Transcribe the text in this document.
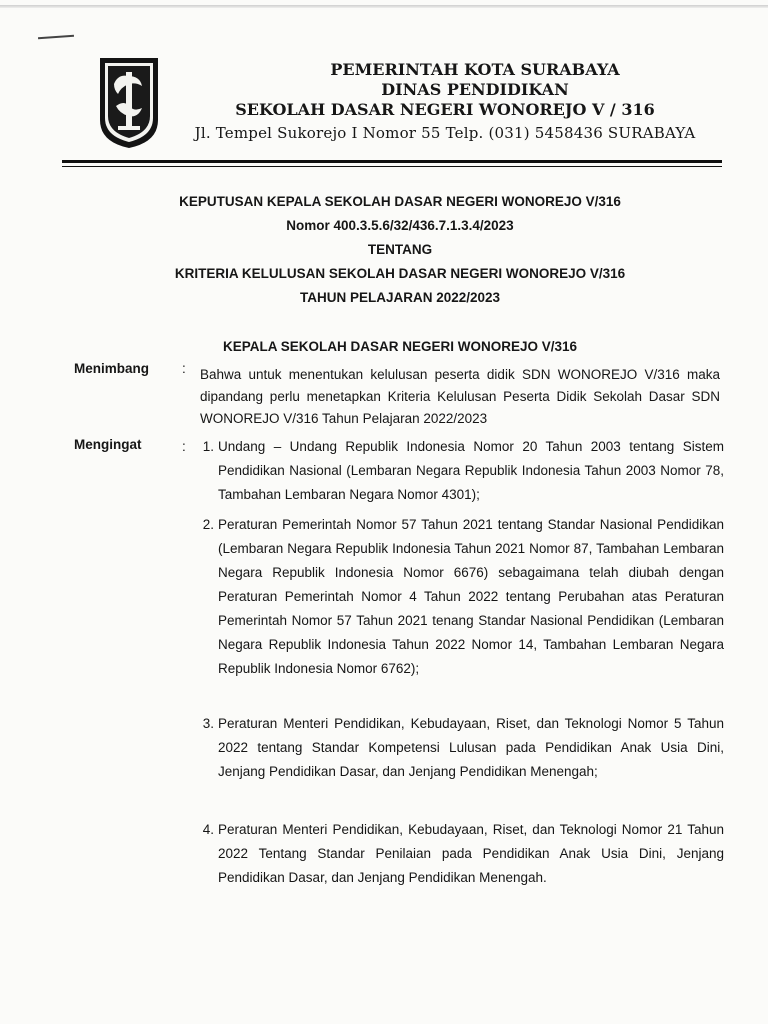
PEMERINTAH KOTA SURABAYA
DINAS PENDIDIKAN
SEKOLAH DASAR NEGERI WONOREJO V / 316
Jl. Tempel Sukorejo I Nomor 55 Telp. (031) 5458436 SURABAYA
KEPUTUSAN KEPALA SEKOLAH DASAR NEGERI WONOREJO V/316
Nomor 400.3.5.6/32/436.7.1.3.4/2023
TENTANG
KRITERIA KELULUSAN SEKOLAH DASAR NEGERI WONOREJO V/316
TAHUN PELAJARAN 2022/2023
KEPALA SEKOLAH DASAR NEGERI WONOREJO V/316
Menimbang : Bahwa untuk menentukan kelulusan peserta didik SDN WONOREJO V/316 maka dipandang perlu menetapkan Kriteria Kelulusan Peserta Didik Sekolah Dasar SDN WONOREJO V/316 Tahun Pelajaran 2022/2023
Mengingat	:	1. Undang – Undang Republik Indonesia Nomor 20 Tahun 2003 tentang Sistem Pendidikan Nasional (Lembaran Negara Republik Indonesia Tahun 2003 Nomor 78, Tambahan Lembaran Negara Nomor 4301);
2. Peraturan Pemerintah Nomor 57 Tahun 2021 tentang Standar Nasional Pendidikan (Lembaran Negara Republik Indonesia Tahun 2021 Nomor 87, Tambahan Lembaran Negara Republik Indonesia Nomor 6676) sebagaimana telah diubah dengan Peraturan Pemerintah Nomor 4 Tahun 2022 tentang Perubahan atas Peraturan Pemerintah Nomor 57 Tahun 2021 tenang Standar Nasional Pendidikan (Lembaran Negara Republik Indonesia Tahun 2022 Nomor 14, Tambahan Lembaran Negara Republik Indonesia Nomor 6762);
3. Peraturan Menteri Pendidikan, Kebudayaan, Riset, dan Teknologi Nomor 5 Tahun 2022 tentang Standar Kompetensi Lulusan pada Pendidikan Anak Usia Dini, Jenjang Pendidikan Dasar, dan Jenjang Pendidikan Menengah;
4. Peraturan Menteri Pendidikan, Kebudayaan, Riset, dan Teknologi Nomor 21 Tahun 2022 Tentang Standar Penilaian pada Pendidikan Anak Usia Dini, Jenjang Pendidikan Dasar, dan Jenjang Pendidikan Menengah.
